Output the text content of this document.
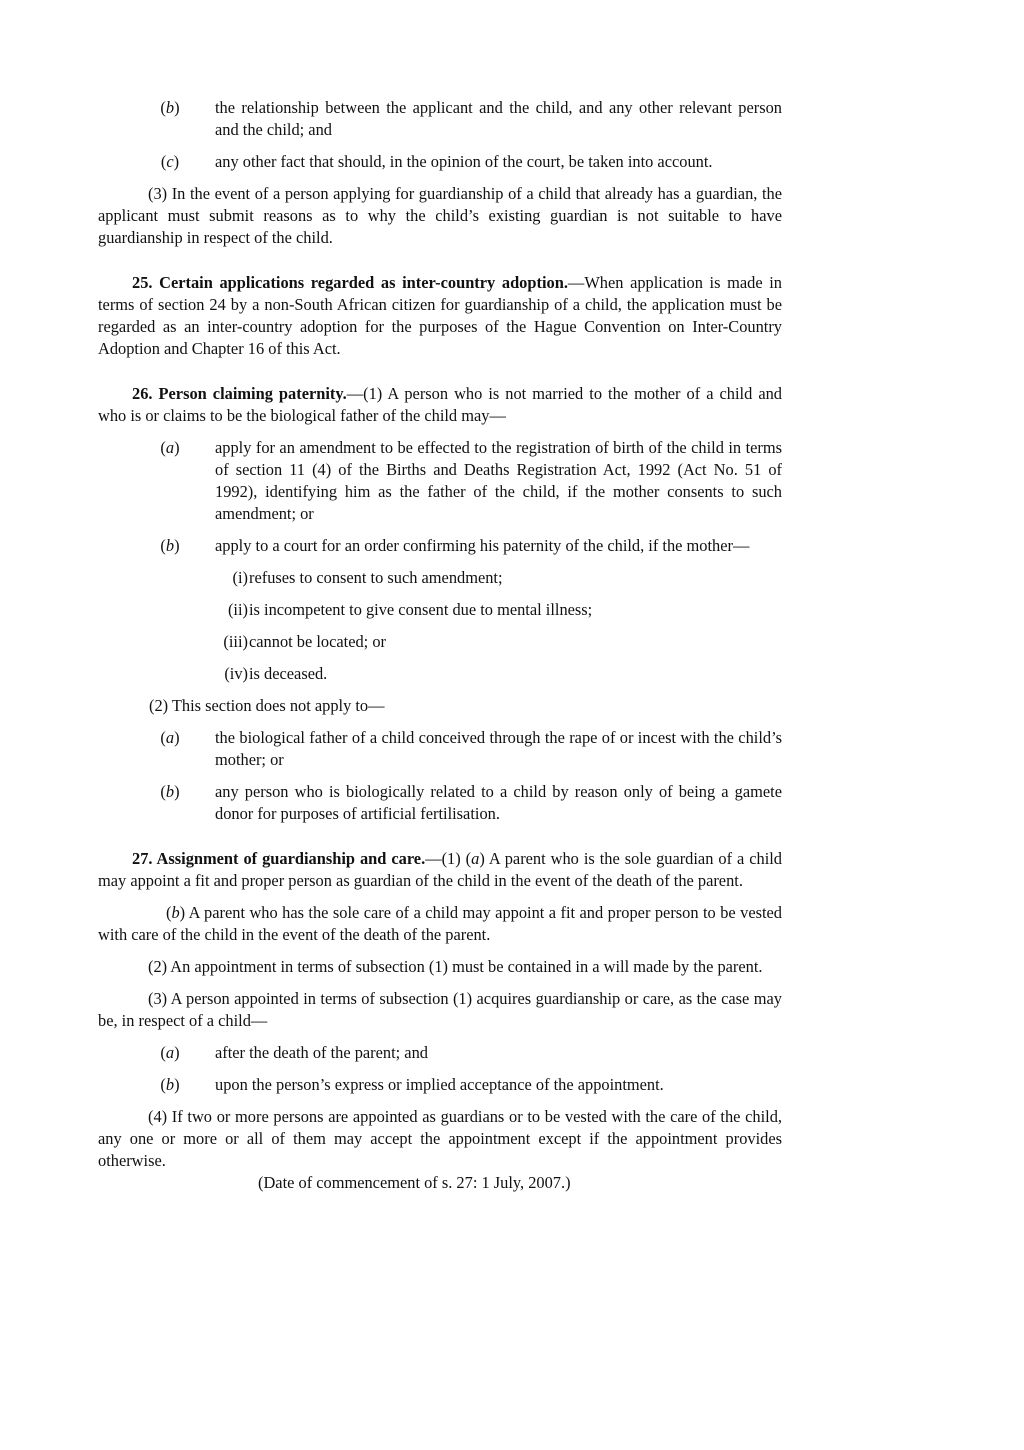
(b)	the relationship between the applicant and the child, and any other relevant person and the child; and
(c)	any other fact that should, in the opinion of the court, be taken into account.
(3) In the event of a person applying for guardianship of a child that already has a guardian, the applicant must submit reasons as to why the child’s existing guardian is not suitable to have guardianship in respect of the child.
25. Certain applications regarded as inter-country adoption.—When application is made in terms of section 24 by a non-South African citizen for guardianship of a child, the application must be regarded as an inter-country adoption for the purposes of the Hague Convention on Inter-Country Adoption and Chapter 16 of this Act.
26. Person claiming paternity.—(1) A person who is not married to the mother of a child and who is or claims to be the biological father of the child may—
(a)	apply for an amendment to be effected to the registration of birth of the child in terms of section 11 (4) of the Births and Deaths Registration Act, 1992 (Act No. 51 of 1992), identifying him as the father of the child, if the mother consents to such amendment; or
(b)	apply to a court for an order confirming his paternity of the child, if the mother—
(i) refuses to consent to such amendment;
(ii) is incompetent to give consent due to mental illness;
(iii) cannot be located; or
(iv) is deceased.
(2) This section does not apply to—
(a)	the biological father of a child conceived through the rape of or incest with the child’s mother; or
(b)	any person who is biologically related to a child by reason only of being a gamete donor for purposes of artificial fertilisation.
27. Assignment of guardianship and care.—(1) (a) A parent who is the sole guardian of a child may appoint a fit and proper person as guardian of the child in the event of the death of the parent.
(b) A parent who has the sole care of a child may appoint a fit and proper person to be vested with care of the child in the event of the death of the parent.
(2) An appointment in terms of subsection (1) must be contained in a will made by the parent.
(3) A person appointed in terms of subsection (1) acquires guardianship or care, as the case may be, in respect of a child—
(a)	after the death of the parent; and
(b)	upon the person’s express or implied acceptance of the appointment.
(4) If two or more persons are appointed as guardians or to be vested with the care of the child, any one or more or all of them may accept the appointment except if the appointment provides otherwise.
(Date of commencement of s. 27: 1 July, 2007.)
